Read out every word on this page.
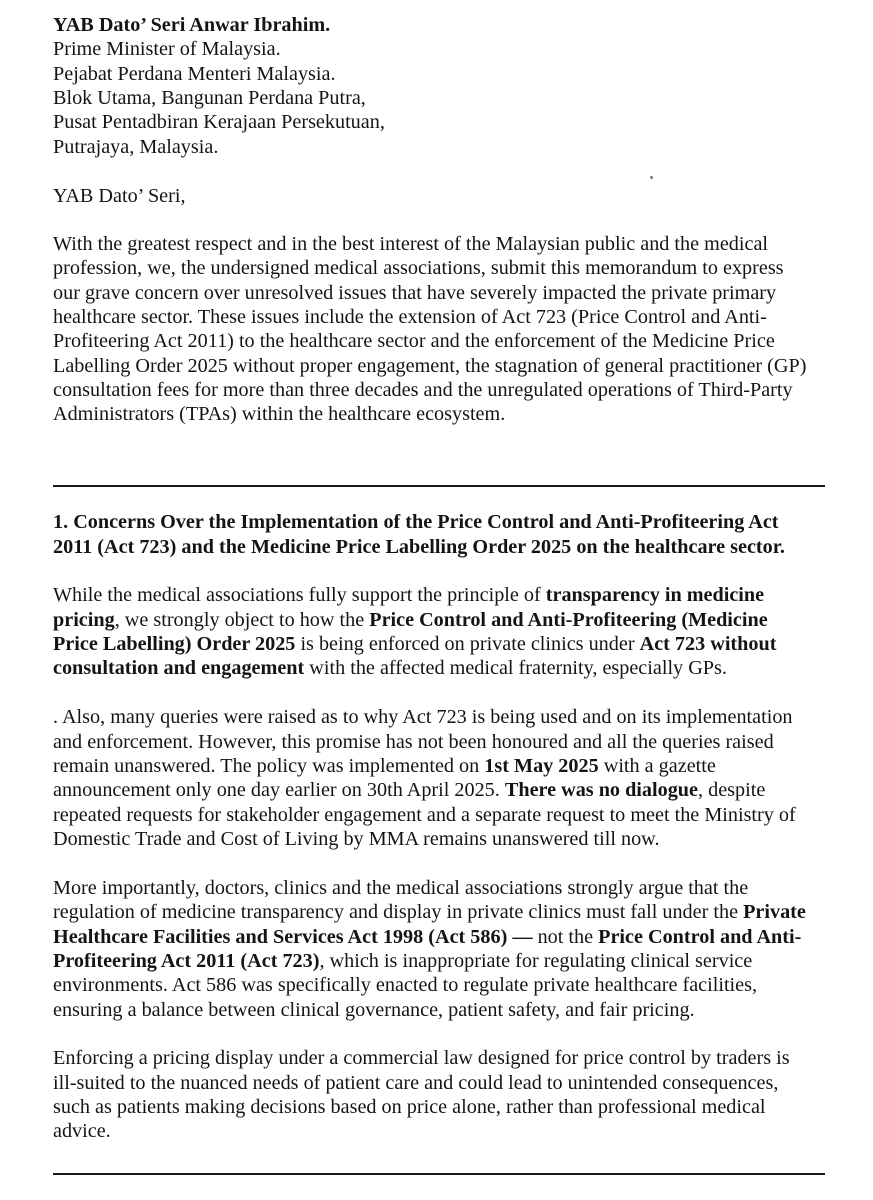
YAB Dato’ Seri Anwar Ibrahim.
Prime Minister of Malaysia.
Pejabat Perdana Menteri Malaysia.
Blok Utama, Bangunan Perdana Putra,
Pusat Pentadbiran Kerajaan Persekutuan,
Putrajaya, Malaysia.
YAB Dato’ Seri,
With the greatest respect and in the best interest of the Malaysian public and the medical
profession, we, the undersigned medical associations, submit this memorandum to express
our grave concern over unresolved issues that have severely impacted the private primary
healthcare sector. These issues include the extension of Act 723 (Price Control and Anti-
Profiteering Act 2011) to the healthcare sector and the enforcement of the Medicine Price
Labelling Order 2025 without proper engagement, the stagnation of general practitioner (GP)
consultation fees for more than three decades and the unregulated operations of Third-Party
Administrators (TPAs) within the healthcare ecosystem.
1. Concerns Over the Implementation of the Price Control and Anti-Profiteering Act
2011 (Act 723) and the Medicine Price Labelling Order 2025 on the healthcare sector.
While the medical associations fully support the principle of transparency in medicine
pricing, we strongly object to how the Price Control and Anti-Profiteering (Medicine
Price Labelling) Order 2025 is being enforced on private clinics under Act 723 without
consultation and engagement with the affected medical fraternity, especially GPs.
. Also, many queries were raised as to why Act 723 is being used and on its implementation
and enforcement. However, this promise has not been honoured and all the queries raised
remain unanswered. The policy was implemented on 1st May 2025 with a gazette
announcement only one day earlier on 30th April 2025. There was no dialogue, despite
repeated requests for stakeholder engagement and a separate request to meet the Ministry of
Domestic Trade and Cost of Living by MMA remains unanswered till now.
More importantly, doctors, clinics and the medical associations strongly argue that the
regulation of medicine transparency and display in private clinics must fall under the Private
Healthcare Facilities and Services Act 1998 (Act 586) — not the Price Control and Anti-
Profiteering Act 2011 (Act 723), which is inappropriate for regulating clinical service
environments. Act 586 was specifically enacted to regulate private healthcare facilities,
ensuring a balance between clinical governance, patient safety, and fair pricing.
Enforcing a pricing display under a commercial law designed for price control by traders is
ill-suited to the nuanced needs of patient care and could lead to unintended consequences,
such as patients making decisions based on price alone, rather than professional medical
advice.
